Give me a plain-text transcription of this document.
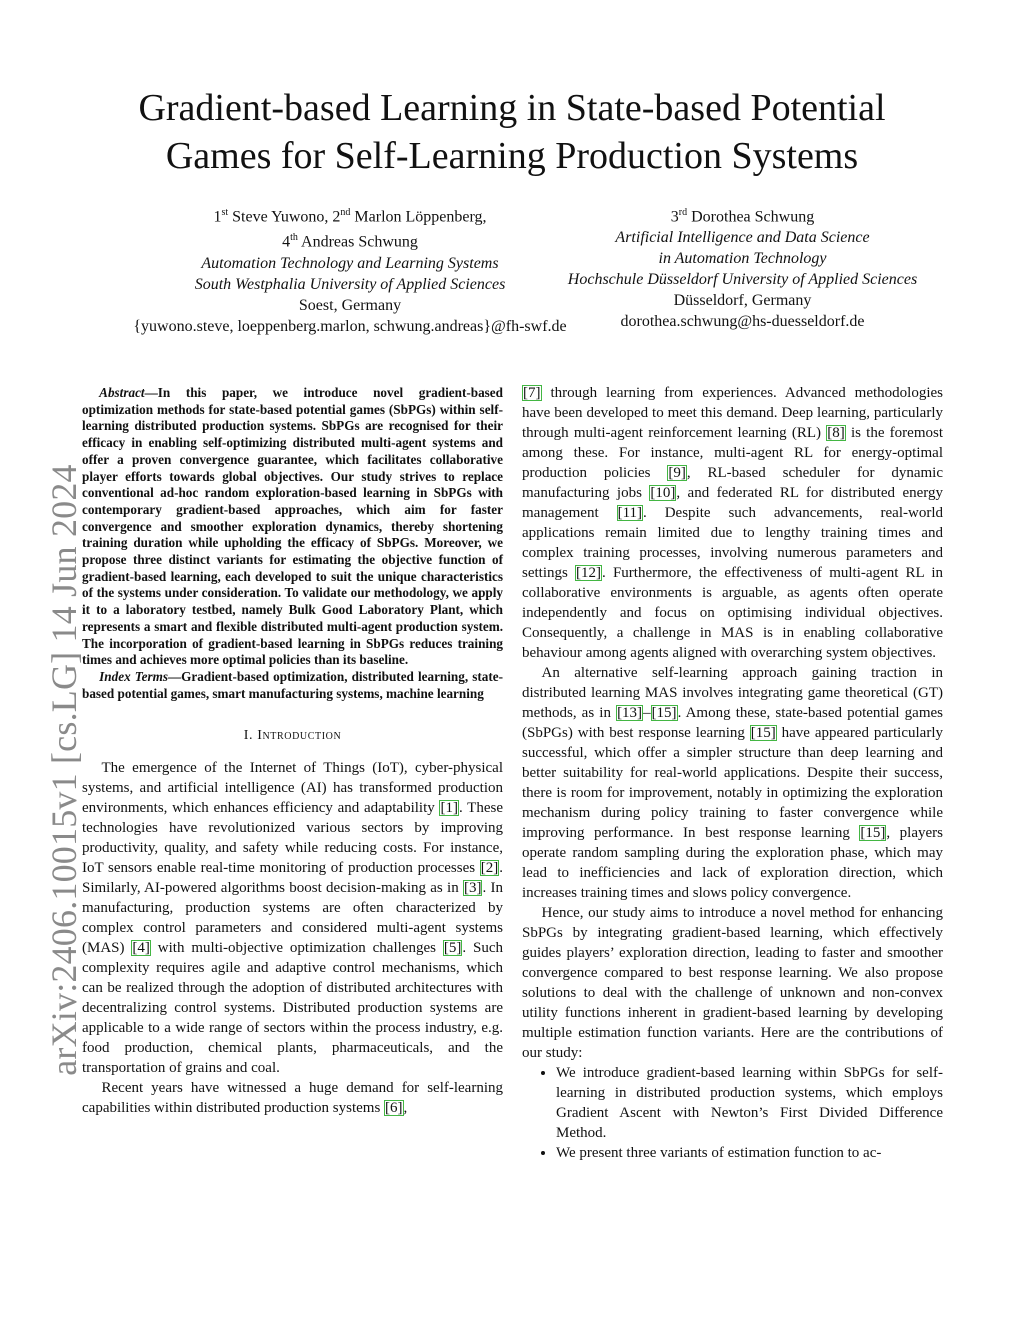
arXiv:2406.10015v1 [cs.LG] 14 Jun 2024
Gradient-based Learning in State-based Potential
Games for Self-Learning Production Systems
1st Steve Yuwono, 2nd Marlon Löppenberg,
4th Andreas Schwung
Automation Technology and Learning Systems
South Westphalia University of Applied Sciences
Soest, Germany
{yuwono.steve, loeppenberg.marlon, schwung.andreas}@fh-swf.de
3rd Dorothea Schwung
Artificial Intelligence and Data Science
in Automation Technology
Hochschule Düsseldorf University of Applied Sciences
Düsseldorf, Germany
dorothea.schwung@hs-duesseldorf.de

Abstract—In this paper, we introduce novel gradient-based optimization methods for state-based potential games (SbPGs) within self-learning distributed production systems. SbPGs are recognised for their efficacy in enabling self-optimizing distributed multi-agent systems and offer a proven convergence guarantee, which facilitates collaborative player efforts towards global objectives. Our study strives to replace conventional ad-hoc random exploration-based learning in SbPGs with contemporary gradient-based approaches, which aim for faster convergence and smoother exploration dynamics, thereby shortening training duration while upholding the efficacy of SbPGs. Moreover, we propose three distinct variants for estimating the objective function of gradient-based learning, each developed to suit the unique characteristics of the systems under consideration. To validate our methodology, we apply it to a laboratory testbed, namely Bulk Good Laboratory Plant, which represents a smart and flexible distributed multi-agent production system. The incorporation of gradient-based learning in SbPGs reduces training times and achieves more optimal policies than its baseline.

Index Terms—Gradient-based optimization, distributed learning, state-based potential games, smart manufacturing systems, machine learning

I. Introduction

The emergence of the Internet of Things (IoT), cyber-physical systems, and artificial intelligence (AI) has transformed production environments, which enhances efficiency and adaptability [1]. These technologies have revolutionized various sectors by improving productivity, quality, and safety while reducing costs. For instance, IoT sensors enable real-time monitoring of production processes [2]. Similarly, AI-powered algorithms boost decision-making as in [3]. In manufacturing, production systems are often characterized by complex control parameters and considered multi-agent systems (MAS) [4] with multi-objective optimization challenges [5]. Such complexity requires agile and adaptive control mechanisms, which can be realized through the adoption of distributed architectures with decentralizing control systems. Distributed production systems are applicable to a wide range of sectors within the process industry, e.g. food production, chemical plants, pharmaceuticals, and the transportation of grains and coal.

Recent years have witnessed a huge demand for self-learning capabilities within distributed production systems [6],

[7] through learning from experiences. Advanced methodologies have been developed to meet this demand. Deep learning, particularly through multi-agent reinforcement learning (RL) [8] is the foremost among these. For instance, multi-agent RL for energy-optimal production policies [9], RL-based scheduler for dynamic manufacturing jobs [10], and federated RL for distributed energy management [11]. Despite such advancements, real-world applications remain limited due to lengthy training times and complex training processes, involving numerous parameters and settings [12]. Furthermore, the effectiveness of multi-agent RL in collaborative environments is arguable, as agents often operate independently and focus on optimising individual objectives. Consequently, a challenge in MAS is in enabling collaborative behaviour among agents aligned with overarching system objectives.

An alternative self-learning approach gaining traction in distributed learning MAS involves integrating game theoretical (GT) methods, as in [13]–[15]. Among these, state-based potential games (SbPGs) with best response learning [15] have appeared particularly successful, which offer a simpler structure than deep learning and better suitability for real-world applications. Despite their success, there is room for improvement, notably in optimizing the exploration mechanism during policy training to faster convergence while improving performance. In best response learning [15], players operate random sampling during the exploration phase, which may lead to inefficiencies and lack of exploration direction, which increases training times and slows policy convergence.

Hence, our study aims to introduce a novel method for enhancing SbPGs by integrating gradient-based learning, which effectively guides players’ exploration direction, leading to faster and smoother convergence compared to best response learning. We also propose solutions to deal with the challenge of unknown and non-convex utility functions inherent in gradient-based learning by developing multiple estimation function variants. Here are the contributions of our study:

• We introduce gradient-based learning within SbPGs for self-learning in distributed production systems, which employs Gradient Ascent with Newton’s First Divided Difference Method.
• We present three variants of estimation function to ac-
